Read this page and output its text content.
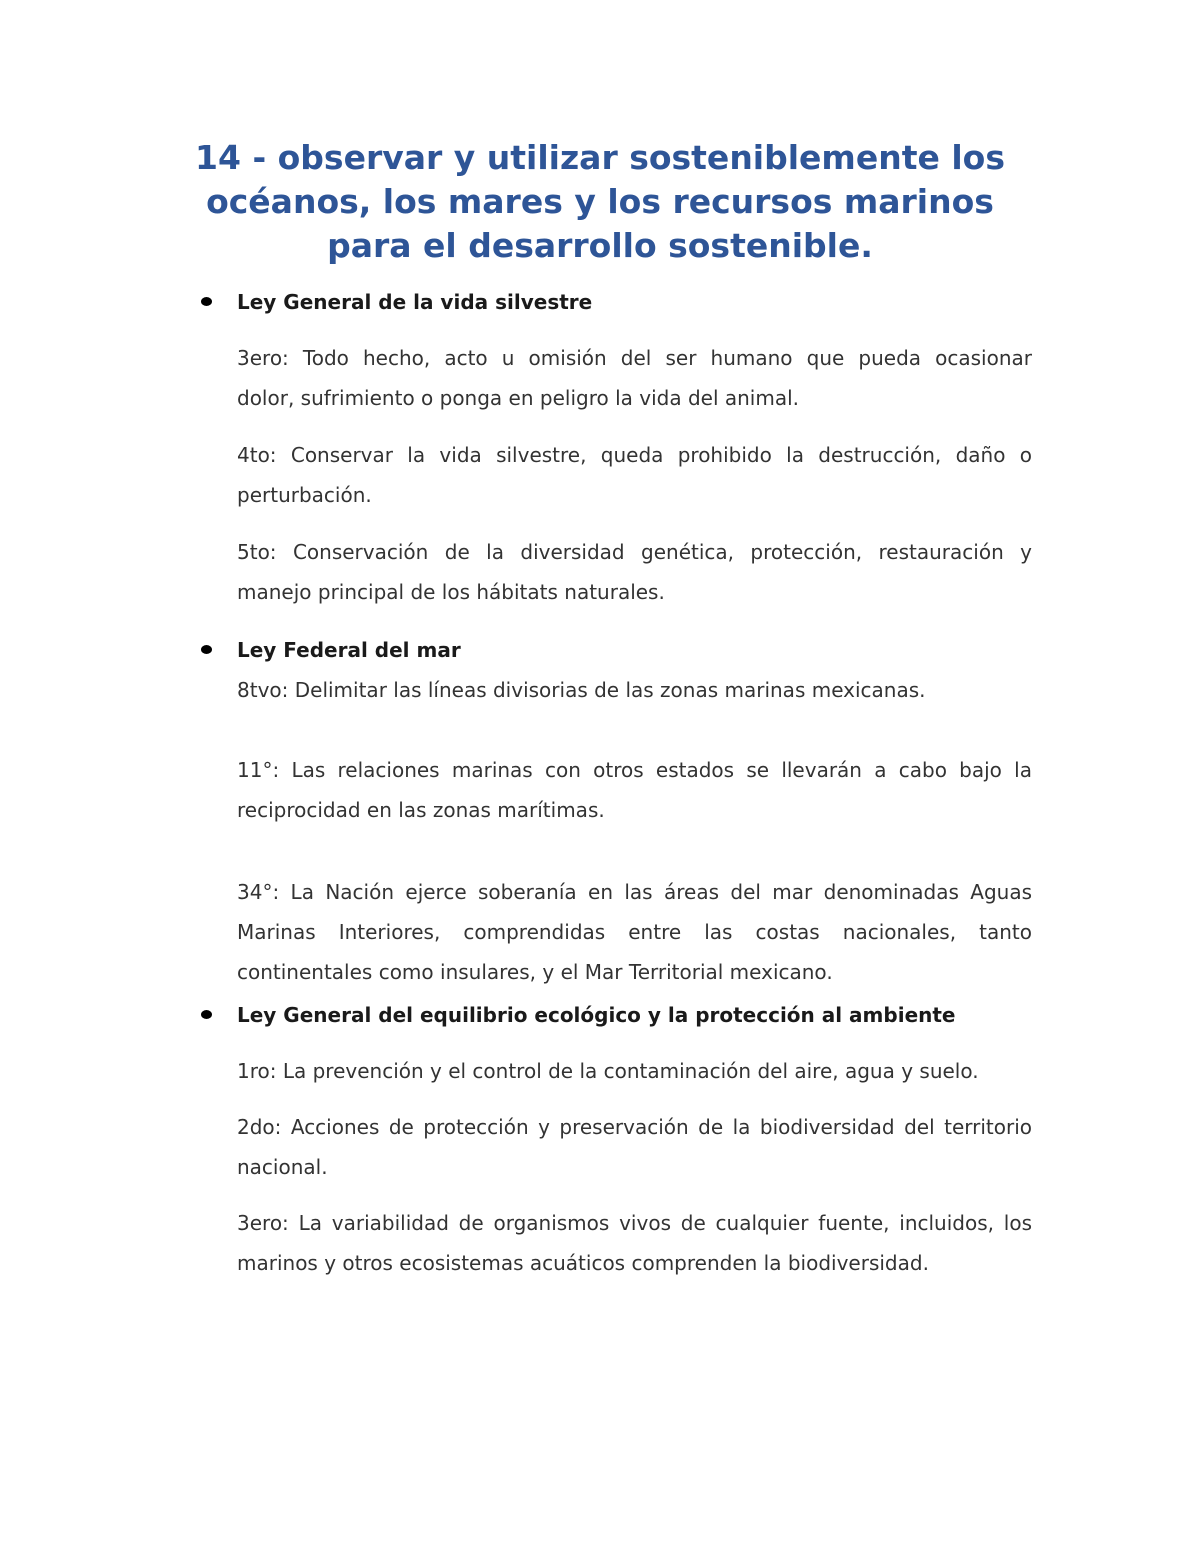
14 - observar y utilizar sosteniblemente los
océanos, los mares y los recursos marinos
para el desarrollo sostenible.
Ley General de la vida silvestre

3ero: Todo hecho, acto u omisión del ser humano que pueda ocasionar
dolor, sufrimiento o ponga en peligro la vida del animal.

4to: Conservar la vida silvestre, queda prohibido la destrucción, daño o
perturbación.

5to: Conservación de la diversidad genética, protección, restauración y
manejo principal de los hábitats naturales.

Ley Federal del mar

8tvo: Delimitar las líneas divisorias de las zonas marinas mexicanas.

11°: Las relaciones marinas con otros estados se llevarán a cabo bajo la
reciprocidad en las zonas marítimas.

34°: La Nación ejerce soberanía en las áreas del mar denominadas Aguas
Marinas Interiores, comprendidas entre las costas nacionales, tanto
continentales como insulares, y el Mar Territorial mexicano.

Ley General del equilibrio ecológico y la protección al ambiente

1ro: La prevención y el control de la contaminación del aire, agua y suelo.

2do: Acciones de protección y preservación de la biodiversidad del territorio
nacional.

3ero: La variabilidad de organismos vivos de cualquier fuente, incluidos, los
marinos y otros ecosistemas acuáticos comprenden la biodiversidad.
